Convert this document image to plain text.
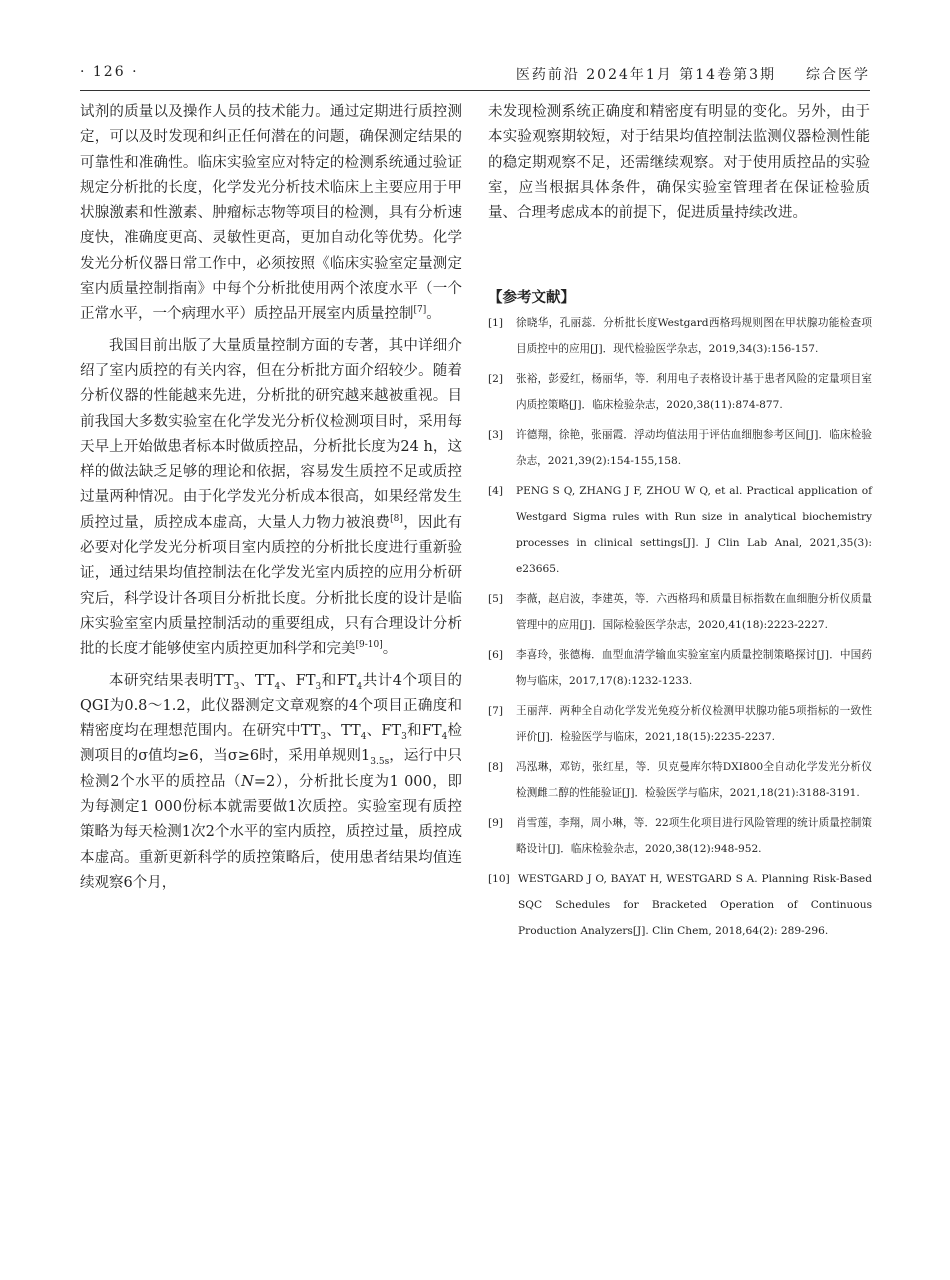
· 126 ·	医药前沿 2024年1月 第14卷第3期 综合医学

试剂的质量以及操作人员的技术能力。通过定期进行质控测定，可以及时发现和纠正任何潜在的问题，确保测定结果的可靠性和准确性。临床实验室应对特定的检测系统通过验证规定分析批的长度，化学发光分析技术临床上主要应用于甲状腺激素和性激素、肿瘤标志物等项目的检测，具有分析速度快，准确度更高、灵敏性更高，更加自动化等优势。化学发光分析仪器日常工作中，必须按照《临床实验室定量测定室内质量控制指南》中每个分析批使用两个浓度水平（一个正常水平，一个病理水平）质控品开展室内质量控制[7]。

我国目前出版了大量质量控制方面的专著，其中详细介绍了室内质控的有关内容，但在分析批方面介绍较少。随着分析仪器的性能越来先进，分析批的研究越来越被重视。目前我国大多数实验室在化学发光分析仪检测项目时，采用每天早上开始做患者标本时做质控品，分析批长度为24 h，这样的做法缺乏足够的理论和依据，容易发生质控不足或质控过量两种情况。由于化学发光分析成本很高，如果经常发生质控过量，质控成本虚高，大量人力物力被浪费[8]，因此有必要对化学发光分析项目室内质控的分析批长度进行重新验证，通过结果均值控制法在化学发光室内质控的应用分析研究后，科学设计各项目分析批长度。分析批长度的设计是临床实验室室内质量控制活动的重要组成，只有合理设计分析批的长度才能够使室内质控更加科学和完美[9-10]。

本研究结果表明$TT_3$、$TT_4$、$FT_3$和$FT_4$共计4个项目的QGI为0.8～1.2，此仪器测定文章观察的4个项目正确度和精密度均在理想范围内。在研究中$TT_3$、$TT_4$、$FT_3$和$FT_4$检测项目的σ值均≥6，当σ≥6时，采用单规则$1_{3.5s}$，运行中只检测2个水平的质控品（N=2），分析批长度为1 000，即为每测定1 000份标本就需要做1次质控。实验室现有质控策略为每天检测1次2个水平的室内质控，质控过量，质控成本虚高。重新更新科学的质控策略后，使用患者结果均值连续观察6个月，

未发现检测系统正确度和精密度有明显的变化。另外，由于本实验观察期较短，对于结果均值控制法监测仪器检测性能的稳定期观察不足，还需继续观察。对于使用质控品的实验室，应当根据具体条件，确保实验室管理者在保证检验质量、合理考虑成本的前提下，促进质量持续改进。

【参考文献】
[1] 徐晓华，孔丽蕊．分析批长度Westgard西格玛规则图在甲状腺功能检查项目质控中的应用[J]．现代检验医学杂志，2019,34(3):156-157.
[2] 张裕，彭爱红，杨丽华，等．利用电子表格设计基于患者风险的定量项目室内质控策略[J]．临床检验杂志，2020,38(11):874-877.
[3] 许德翔，徐艳，张丽霞．浮动均值法用于评估血细胞参考区间[J]．临床检验杂志，2021,39(2):154-155,158.
[4] PENG S Q, ZHANG J F, ZHOU W Q, et al. Practical application of Westgard Sigma rules with Run size in analytical biochemistry processes in clinical settings[J]. J Clin Lab Anal, 2021,35(3): e23665.
[5] 李薇，赵启波，李建英，等．六西格玛和质量目标指数在血细胞分析仪质量管理中的应用[J]．国际检验医学杂志，2020,41(18):2223-2227.
[6] 李喜玲，张德梅．血型血清学输血实验室室内质量控制策略探讨[J]．中国药物与临床，2017,17(8):1232-1233.
[7] 王丽萍．两种全自动化学发光免疫分析仪检测甲状腺功能5项指标的一致性评价[J]．检验医学与临床，2021,18(15):2235-2237.
[8] 冯泓琳，邓钫，张红星，等．贝克曼库尔特DXI800全自动化学发光分析仪检测雌二醇的性能验证[J]．检验医学与临床，2021,18(21):3188-3191.
[9] 肖雪莲，李翔，周小琳，等．22项生化项目进行风险管理的统计质量控制策略设计[J]．临床检验杂志，2020,38(12):948-952.
[10] WESTGARD J O, BAYAT H, WESTGARD S A. Planning Risk-Based SQC Schedules for Bracketed Operation of Continuous Production Analyzers[J]. Clin Chem, 2018,64(2): 289-296.
